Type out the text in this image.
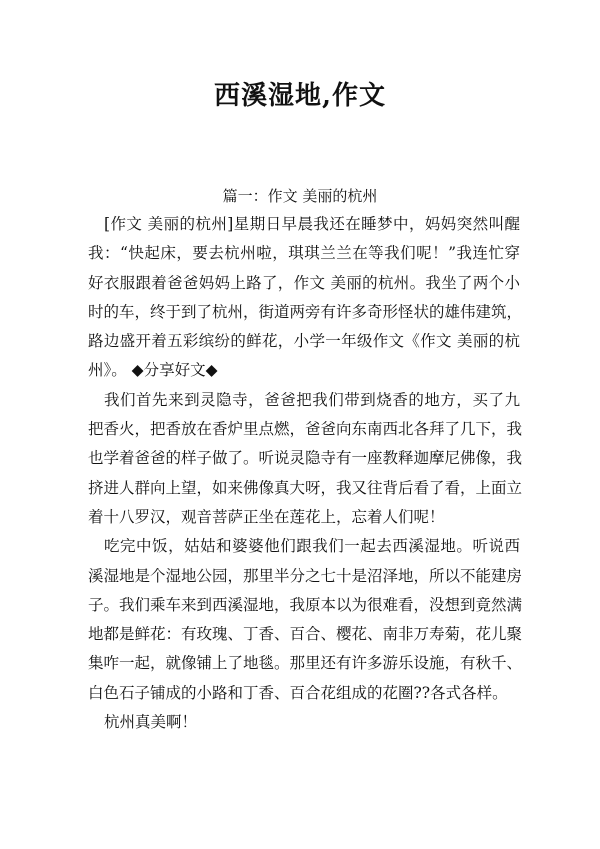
西溪湿地,作文
篇一：作文 美丽的杭州
[作文 美丽的杭州]星期日早晨我还在睡梦中，妈妈突然叫醒
我：“快起床，要去杭州啦，琪琪兰兰在等我们呢！”我连忙穿
好衣服跟着爸爸妈妈上路了，作文 美丽的杭州。我坐了两个小
时的车，终于到了杭州，街道两旁有许多奇形怪状的雄伟建筑，
路边盛开着五彩缤纷的鲜花，小学一年级作文《作文 美丽的杭
州》。 ◆分享好文◆
我们首先来到灵隐寺，爸爸把我们带到烧香的地方，买了九
把香火，把香放在香炉里点燃，爸爸向东南西北各拜了几下，我
也学着爸爸的样子做了。听说灵隐寺有一座教释迦摩尼佛像，我
挤进人群向上望，如来佛像真大呀，我又往背后看了看，上面立
着十八罗汉，观音菩萨正坐在莲花上，忘着人们呢！
吃完中饭，姑姑和婆婆他们跟我们一起去西溪湿地。听说西
溪湿地是个湿地公园，那里半分之七十是沼泽地，所以不能建房
子。我们乘车来到西溪湿地，我原本以为很难看，没想到竟然满
地都是鲜花：有玫瑰、丁香、百合、樱花、南非万寿菊，花儿聚
集咋一起，就像铺上了地毯。那里还有许多游乐设施，有秋千、
白色石子铺成的小路和丁香、百合花组成的花圈??各式各样。
杭州真美啊！
